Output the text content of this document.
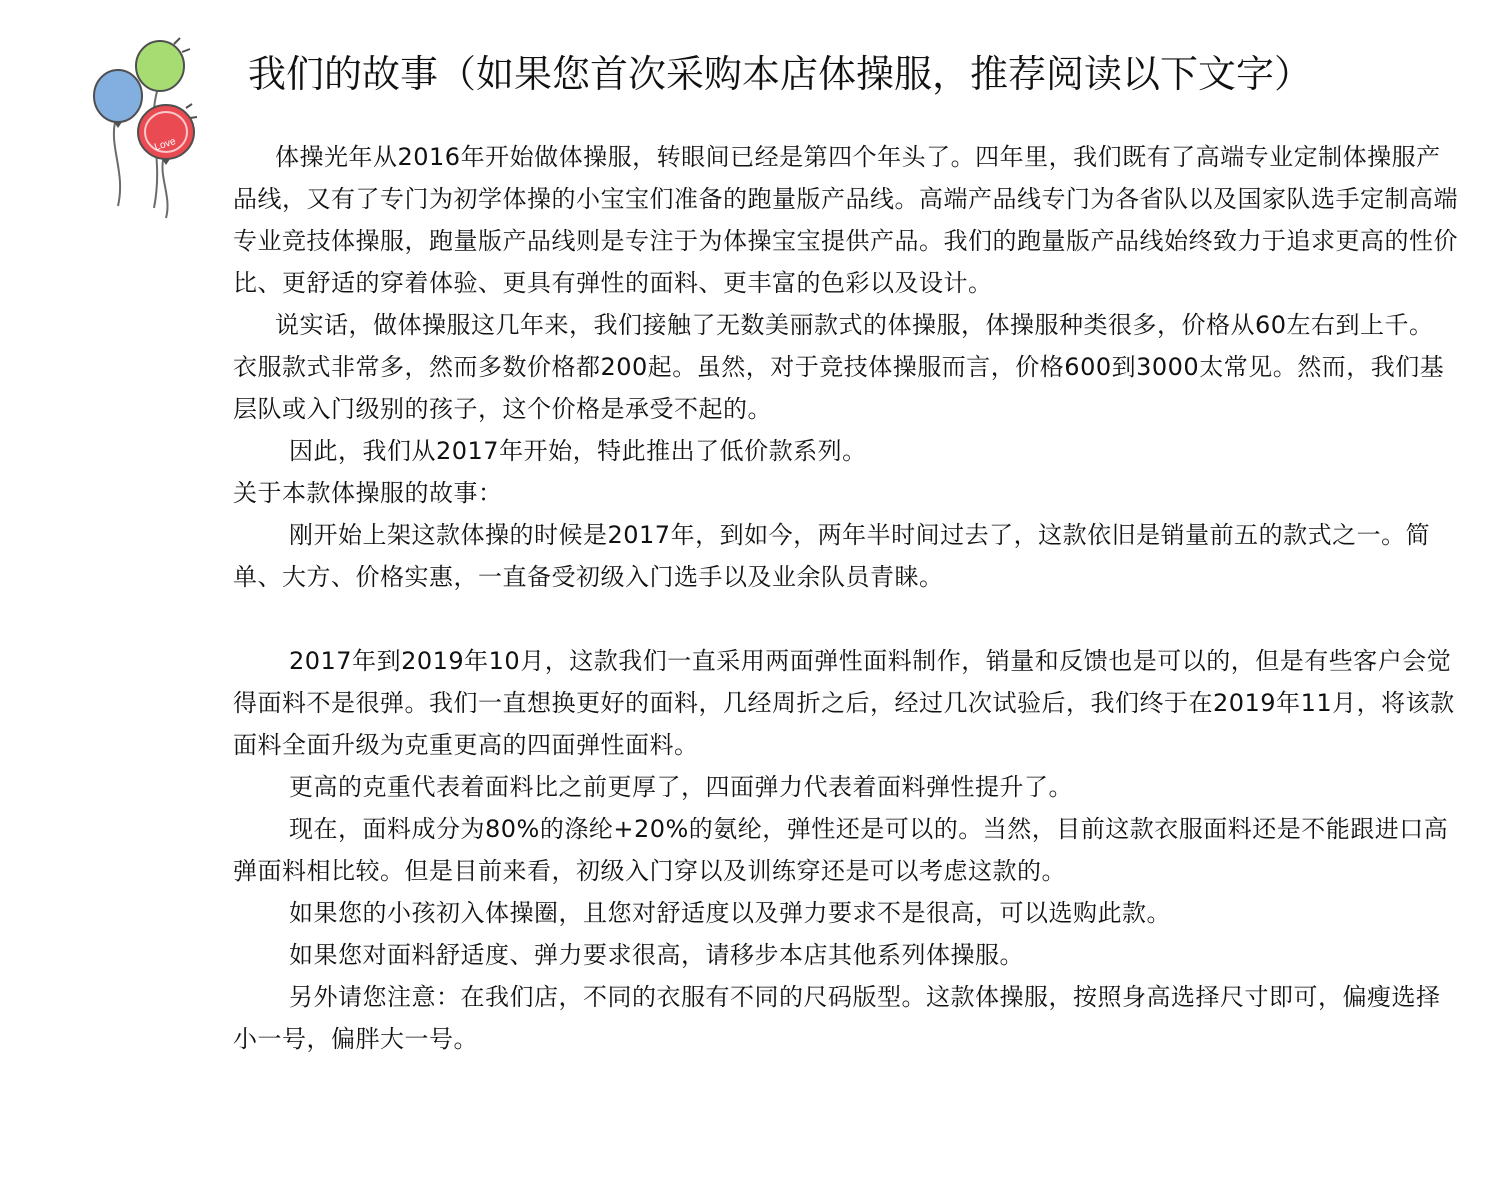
Love
我们的故事（如果您首次采购本店体操服，推荐阅读以下文字）

体操光年从2016年开始做体操服，转眼间已经是第四个年头了。四年里，我们既有了高端专业定制体操服产品线，又有了专门为初学体操的小宝宝们准备的跑量版产品线。高端产品线专门为各省队以及国家队选手定制高端专业竞技体操服，跑量版产品线则是专注于为体操宝宝提供产品。我们的跑量版产品线始终致力于追求更高的性价比、更舒适的穿着体验、更具有弹性的面料、更丰富的色彩以及设计。

说实话，做体操服这几年来，我们接触了无数美丽款式的体操服，体操服种类很多，价格从60左右到上千。衣服款式非常多，然而多数价格都200起。虽然，对于竞技体操服而言，价格600到3000太常见。然而，我们基层队或入门级别的孩子，这个价格是承受不起的。

因此，我们从2017年开始，特此推出了低价款系列。

关于本款体操服的故事：

刚开始上架这款体操的时候是2017年，到如今，两年半时间过去了，这款依旧是销量前五的款式之一。简单、大方、价格实惠，一直备受初级入门选手以及业余队员青睐。

2017年到2019年10月，这款我们一直采用两面弹性面料制作，销量和反馈也是可以的，但是有些客户会觉得面料不是很弹。我们一直想换更好的面料，几经周折之后，经过几次试验后，我们终于在2019年11月，将该款面料全面升级为克重更高的四面弹性面料。

更高的克重代表着面料比之前更厚了，四面弹力代表着面料弹性提升了。

现在，面料成分为80%的涤纶+20%的氨纶，弹性还是可以的。当然，目前这款衣服面料还是不能跟进口高弹面料相比较。但是目前来看，初级入门穿以及训练穿还是可以考虑这款的。

如果您的小孩初入体操圈，且您对舒适度以及弹力要求不是很高，可以选购此款。

如果您对面料舒适度、弹力要求很高，请移步本店其他系列体操服。

另外请您注意：在我们店，不同的衣服有不同的尺码版型。这款体操服，按照身高选择尺寸即可，偏瘦选择小一号，偏胖大一号。
